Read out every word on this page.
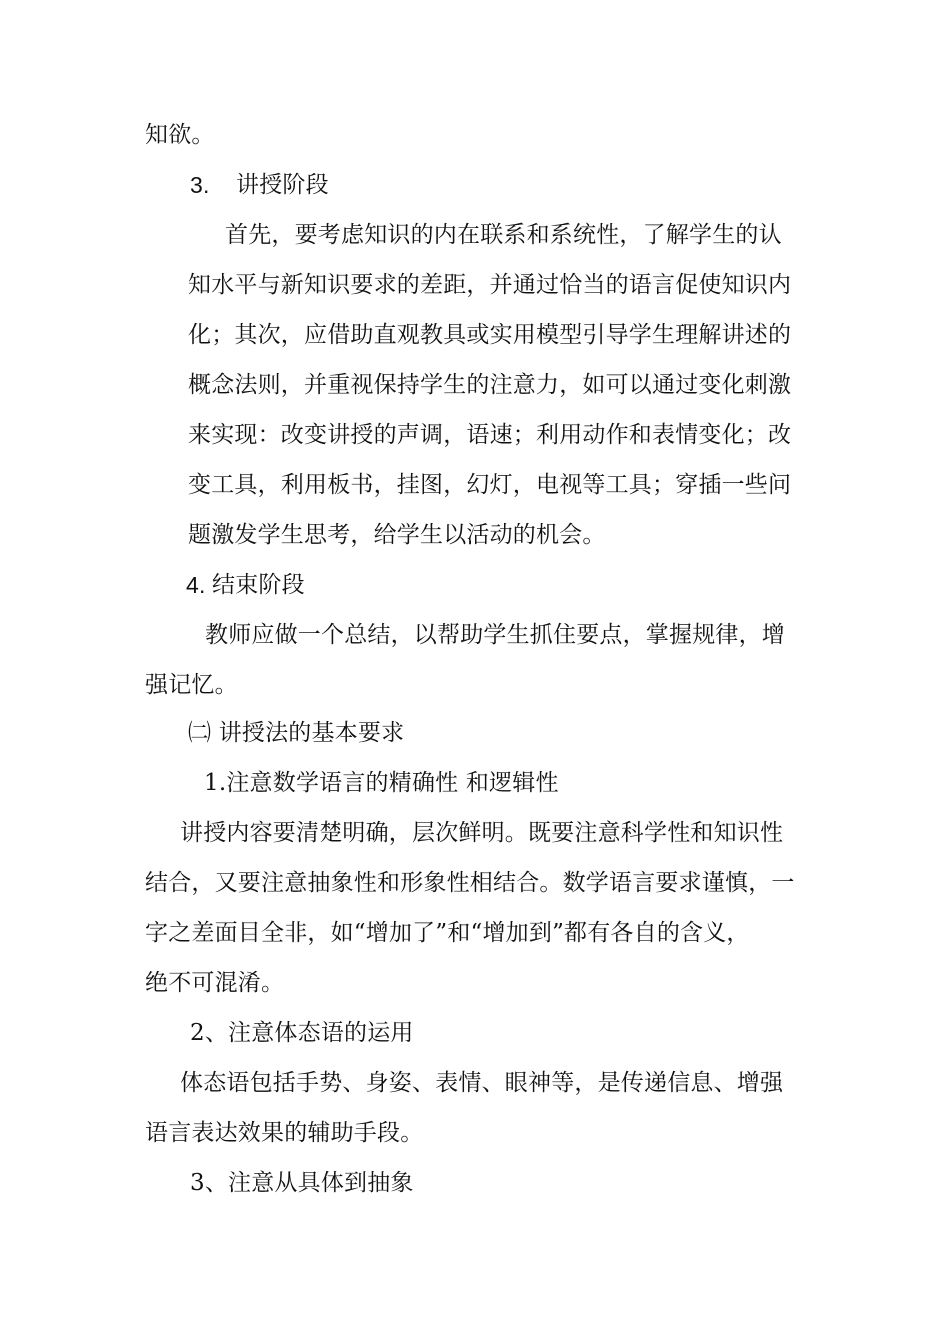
知欲。
3. 讲授阶段
首先，要考虑知识的内在联系和系统性，了解学生的认
知水平与新知识要求的差距，并通过恰当的语言促使知识内
化；其次，应借助直观教具或实用模型引导学生理解讲述的
概念法则，并重视保持学生的注意力，如可以通过变化刺激
来实现：改变讲授的声调，语速；利用动作和表情变化；改
变工具，利用板书，挂图，幻灯，电视等工具；穿插一些问
题激发学生思考，给学生以活动的机会。
4. 结束阶段
教师应做一个总结，以帮助学生抓住要点，掌握规律，增
强记忆。
㈡ 讲授法的基本要求
1.注意数学语言的精确性 和逻辑性
讲授内容要清楚明确，层次鲜明。既要注意科学性和知识性
结合，又要注意抽象性和形象性相结合。数学语言要求谨慎，一
字之差面目全非，如“增加了”和“增加到”都有各自的含义，
绝不可混淆。
2、注意体态语的运用
体态语包括手势、身姿、表情、眼神等，是传递信息、增强
语言表达效果的辅助手段。
3、注意从具体到抽象
